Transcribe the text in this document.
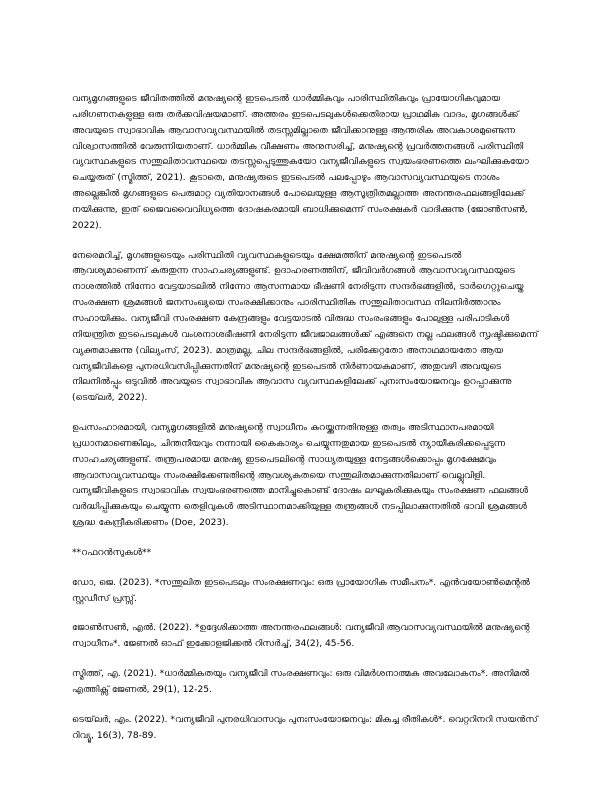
വന്യമൃഗങ്ങളുടെ ജീവിതത്തിൽ മനുഷ്യന്റെ ഇടപെടൽ ധാർമ്മികവും പാരിസ്ഥിതികവും പ്രായോഗികവുമായ പരിഗണനകളുള്ള ഒരു തർക്കവിഷയമാണ്. അത്തരം ഇടപെടലുകൾക്കെതിരായ പ്രാഥമിക വാദം, മൃഗങ്ങൾക്ക് അവയുടെ സ്വാഭാവിക ആവാസവ്യവസ്ഥയിൽ തടസ്സമില്ലാതെ ജീവിക്കാനുള്ള ആന്തരിക അവകാശമുണ്ടെന്ന വിശ്വാസത്തിൽ വേരുന്നിയതാണ്. ധാർമ്മിക വീക്ഷണം അനുസരിച്ച്, മനുഷ്യന്റെ പ്രവർത്തനങ്ങൾ പരിസ്ഥിതി വ്യവസ്ഥകളുടെ സന്തുലിതാവസ്ഥയെ തടസ്സപ്പെടുത്തുകയോ വന്യജീവികളുടെ സ്വയംഭരണത്തെ ലംഘിക്കുകയോ ചെയ്യരുത് (സ്മിത്ത്, 2021). കൂടാതെ, മനുഷ്യരുടെ ഇടപെടൽ പലപ്പോഴും ആവാസവ്യവസ്ഥയുടെ നാശം അല്ലെങ്കിൽ മൃഗങ്ങളുടെ പെരുമാറ്റ വ്യതിയാനങ്ങൾ പോലെയുള്ള ആസൂത്രിതമല്ലാത്ത അനന്തരഫലങ്ങളിലേക്ക് നയിക്കുന്നു, ഇത് ജൈവവൈവിധ്യത്തെ ദോഷകരമായി ബാധിക്കുമെന്ന് സംരക്ഷകർ വാദിക്കുന്നു (ജോൺസൺ, 2022).

നേരെമറിച്ച്, മൃഗങ്ങളുടെയും പരിസ്ഥിതി വ്യവസ്ഥകളുടെയും ക്ഷേമത്തിന് മനുഷ്യന്റെ ഇടപെടൽ ആവശ്യമാണെന്ന് കരുതുന്ന സാഹചര്യങ്ങളുണ്ട്. ഉദാഹരണത്തിന്, ജീവിവർഗങ്ങൾ ആവാസവ്യവസ്ഥയുടെ നാശത്തിൽ നിന്നോ വേട്ടയാടലിൽ നിന്നോ ആസന്നമായ ഭീഷണി നേരിടുന്ന സന്ദർഭങ്ങളിൽ, ടാർഗെറ്റുചെയ്ത സംരക്ഷണ ശ്രമങ്ങൾ ജനസംഖ്യയെ സംരക്ഷിക്കാനും പാരിസ്ഥിതിക സന്തുലിതാവസ്ഥ നിലനിർത്താനും സഹായിക്കും. വന്യജീവി സംരക്ഷണ കേന്ദ്രങ്ങളും വേട്ടയാടൽ വിരുദ്ധ സംരംഭങ്ങളും പോലുള്ള പരിപാടികൾ നിയന്ത്രിത ഇടപെടലുകൾ വംശനാശഭീഷണി നേരിടുന്ന ജീവജാലങ്ങൾക്ക് എങ്ങനെ നല്ല ഫലങ്ങൾ സൃഷ്ടിക്കുമെന്ന് വ്യക്തമാക്കുന്നു (വില്യംസ്, 2023). മാത്രമല്ല, ചില സന്ദർഭങ്ങളിൽ, പരിക്കേറ്റതോ അനാഥമായതോ ആയ വന്യജീവികളെ പുനരധിവസിപ്പിക്കുന്നതിന് മനുഷ്യന്റെ ഇടപെടൽ നിർണായകമാണ്, അതുവഴി അവയുടെ നിലനിൽപ്പും ഒടുവിൽ അവയുടെ സ്വാഭാവിക ആവാസ വ്യവസ്ഥകളിലേക്ക് പുനഃസംയോജനവും ഉറപ്പാക്കുന്നു (ടെയ്‌ലർ, 2022).

ഉപസംഹാരമായി, വന്യമൃഗങ്ങളിൽ മനുഷ്യന്റെ സ്വാധീനം കുറയ്ക്കുന്നതിനുള്ള തത്വം അടിസ്ഥാനപരമായി പ്രധാനമാണെങ്കിലും, ചിന്തനീയവും നന്നായി കൈകാര്യം ചെയ്യുന്നതുമായ ഇടപെടൽ ന്യായീകരിക്കപ്പെടുന്ന സാഹചര്യങ്ങളുണ്ട്. തന്ത്രപരമായ മനുഷ്യ ഇടപെടലിന്റെ സാധ്യതയുള്ള നേട്ടങ്ങൾക്കൊപ്പം മൃഗക്ഷേമവും ആവാസവ്യവസ്ഥയും സംരക്ഷിക്കേണ്ടതിന്റെ ആവശ്യകതയെ സന്തുലിതമാക്കുന്നതിലാണ് വെല്ലുവിളി. വന്യജീവികളുടെ സ്വാഭാവിക സ്വയംഭരണത്തെ മാനിച്ചുകൊണ്ട് ദോഷം ലഘൂകരിക്കുകയും സംരക്ഷണ ഫലങ്ങൾ വർദ്ധിപ്പിക്കുകയും ചെയ്യുന്ന തെളിവുകൾ അടിസ്ഥാനമാക്കിയുള്ള തന്ത്രങ്ങൾ നടപ്പിലാക്കുന്നതിൽ ഭാവി ശ്രമങ്ങൾ ശ്രദ്ധ കേന്ദ്രീകരിക്കണം (Doe, 2023).

**റഫറൻസുകൾ**

ഡോ, ജെ. (2023). *സന്തുലിത ഇടപെടലും സംരക്ഷണവും: ഒരു പ്രായോഗിക സമീപനം*. എൻവയോൺമെന്റൽ സ്റ്റഡീസ് പ്രസ്സ്.

ജോൺസൺ, എൽ. (2022). *ഉദ്ദേശിക്കാത്ത അനന്തരഫലങ്ങൾ: വന്യജീവി ആവാസവ്യവസ്ഥയിൽ മനുഷ്യന്റെ സ്വാധീനം*. ജേണൽ ഓഫ് ഇക്കോളജിക്കൽ റിസർച്ച്, 34(2), 45-56.

സ്മിത്ത്, എ. (2021). *ധാർമ്മികതയും വന്യജീവി സംരക്ഷണവും: ഒരു വിമർശനാത്മക അവലോകനം*. അനിമൽ എത്തിക്സ് ജേണൽ, 29(1), 12-25.

ടെയ്‌ലർ, എം. (2022). *വന്യജീവി പുനരധിവാസവും പുനഃസംയോജനവും: മികച്ച രീതികൾ*. വെറ്ററിനറി സയൻസ് റിവ്യൂ, 16(3), 78-89.
